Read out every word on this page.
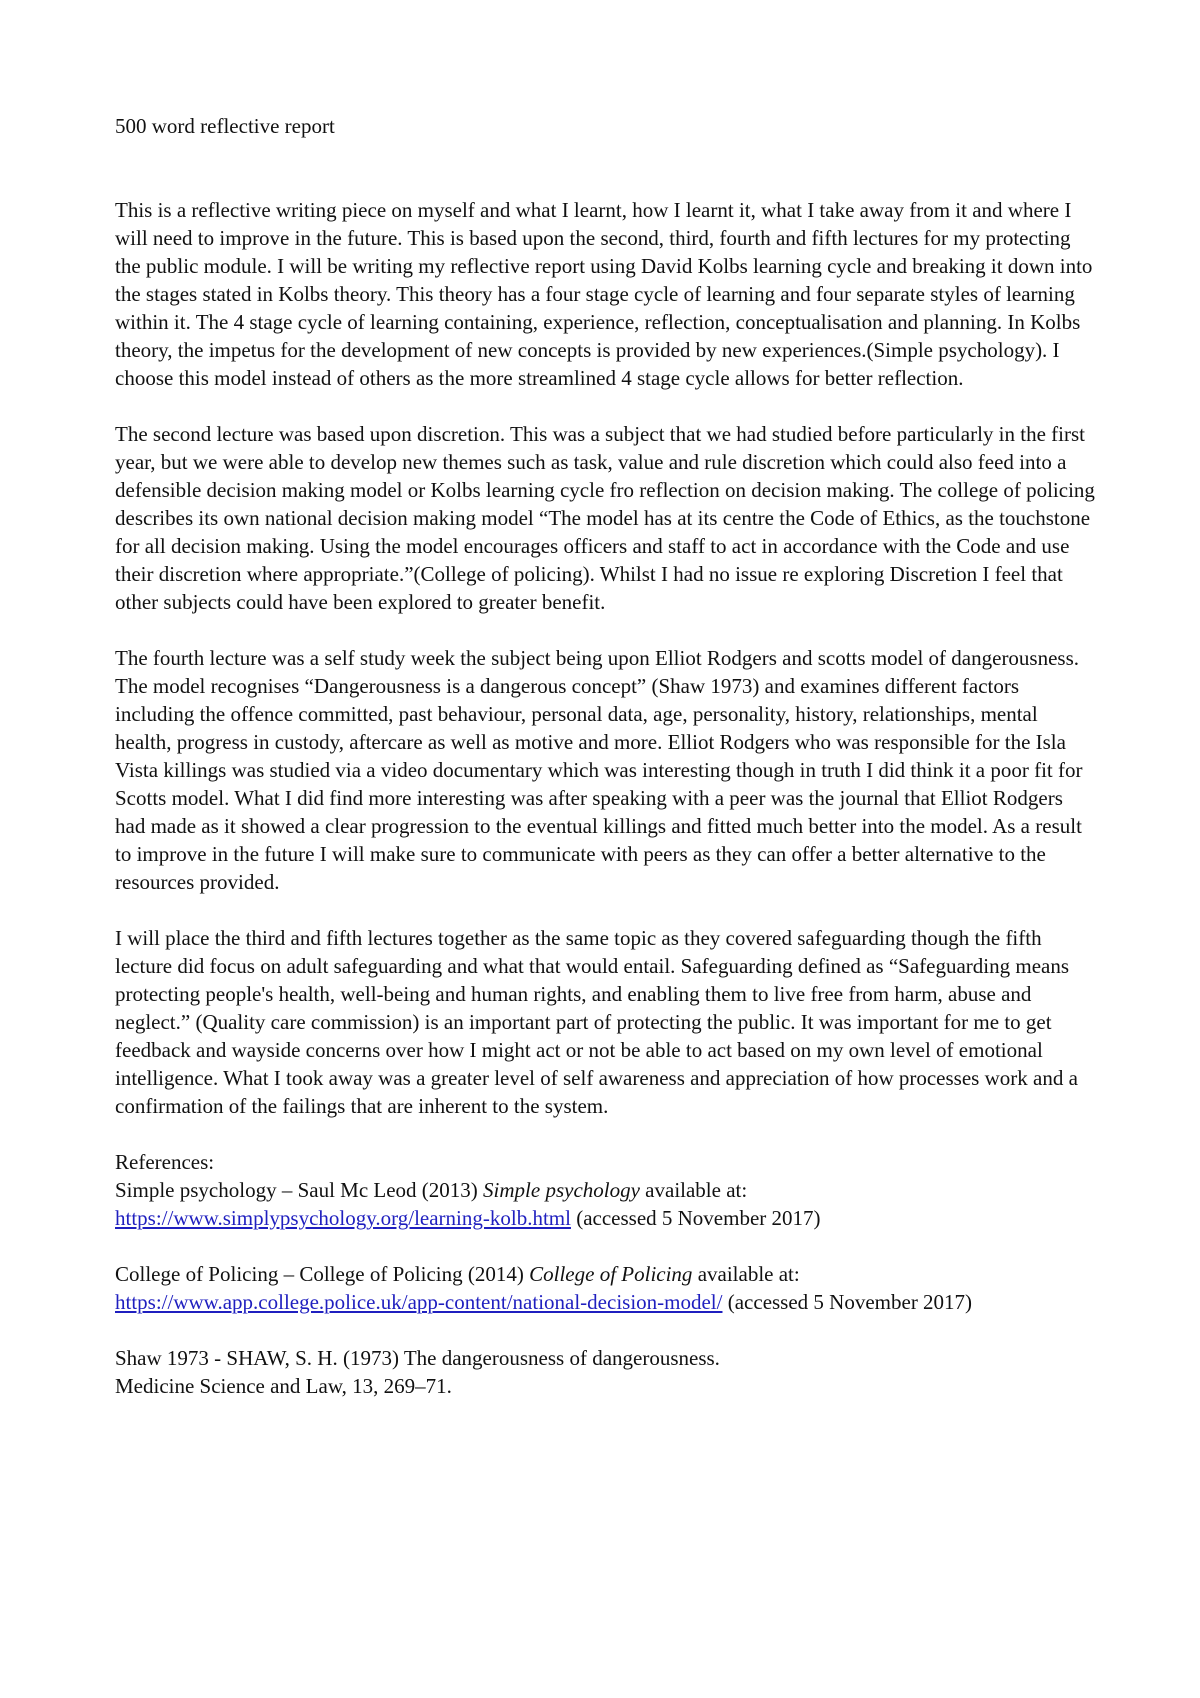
500 word reflective report
This is a reflective writing piece on myself and what I learnt, how I learnt it, what I take away from it and where I will need to improve in the future. This is based upon the second, third, fourth and fifth lectures for my protecting the public module. I will be writing my reflective report using David Kolbs learning cycle and breaking it down into the stages stated in Kolbs theory. This theory has a four stage cycle of learning and four separate styles of learning within it. The 4 stage cycle of learning containing, experience, reflection, conceptualisation and planning. In Kolbs theory, the impetus for the development of new concepts is provided by new experiences.(Simple psychology). I choose this model instead of others as the more streamlined 4 stage cycle allows for better reflection.
The second lecture was based upon discretion. This was a subject that we had studied before particularly in the first year, but we were able to develop new themes such as task, value and rule discretion which could also feed into a defensible decision making model or Kolbs learning cycle fro reflection on decision making. The college of policing describes its own national decision making model “The model has at its centre the Code of Ethics, as the touchstone for all decision making. Using the model encourages officers and staff to act in accordance with the Code and use their discretion where appropriate.”(College of policing). Whilst I had no issue re exploring Discretion I feel that other subjects could have been explored to greater benefit.
The fourth lecture was a self study week the subject being upon Elliot Rodgers and scotts model of dangerousness. The model recognises “Dangerousness is a dangerous concept” (Shaw 1973) and examines different factors including the offence committed, past behaviour, personal data, age, personality, history, relationships, mental health, progress in custody, aftercare as well as motive and more. Elliot Rodgers who was responsible for the Isla Vista killings was studied via a video documentary which was interesting though in truth I did think it a poor fit for Scotts model. What I did find more interesting was after speaking with a peer was the journal that Elliot Rodgers had made as it showed a clear progression to the eventual killings and fitted much better into the model. As a result to improve in the future I will make sure to communicate with peers as they can offer a better alternative to the resources provided.
I will place the third and fifth lectures together as the same topic as they covered safeguarding though the fifth lecture did focus on adult safeguarding and what that would entail. Safeguarding defined as “Safeguarding means protecting people's health, well-being and human rights, and enabling them to live free from harm, abuse and neglect.” (Quality care commission) is an important part of protecting the public. It was important for me to get feedback and wayside concerns over how I might act or not be able to act based on my own level of emotional intelligence. What I took away was a greater level of self awareness and appreciation of how processes work and a confirmation of the failings that are inherent to the system.
References:
Simple psychology – Saul Mc Leod (2013) Simple psychology available at:
https://www.simplypsychology.org/learning-kolb.html (accessed 5 November 2017)
College of Policing – College of Policing (2014) College of Policing available at:
https://www.app.college.police.uk/app-content/national-decision-model/ (accessed 5 November 2017)
Shaw 1973 - SHAW, S. H. (1973) The dangerousness of dangerousness.
Medicine Science and Law, 13, 269–71.
